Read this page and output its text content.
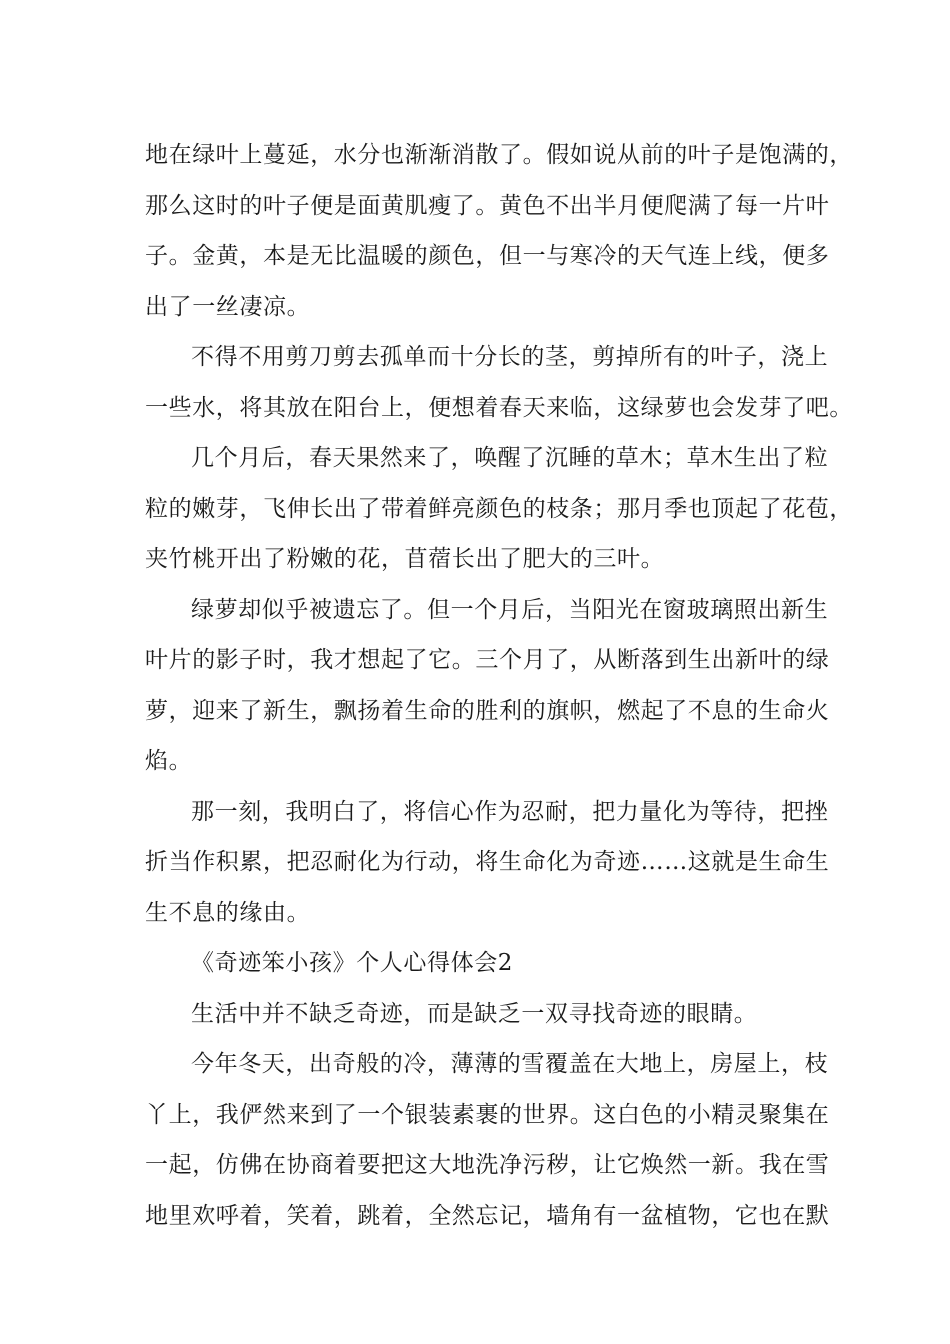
地在绿叶上蔓延，水分也渐渐消散了。假如说从前的叶子是饱满的，
那么这时的叶子便是面黄肌瘦了。黄色不出半月便爬满了每一片叶
子。金黄，本是无比温暖的颜色，但一与寒冷的天气连上线，便多
出了一丝凄凉。
不得不用剪刀剪去孤单而十分长的茎，剪掉所有的叶子，浇上
一些水，将其放在阳台上，便想着春天来临，这绿萝也会发芽了吧。
几个月后，春天果然来了，唤醒了沉睡的草木；草木生出了粒
粒的嫩芽，飞伸长出了带着鲜亮颜色的枝条；那月季也顶起了花苞，
夹竹桃开出了粉嫩的花，苜蓿长出了肥大的三叶。
绿萝却似乎被遗忘了。但一个月后，当阳光在窗玻璃照出新生
叶片的影子时，我才想起了它。三个月了，从断落到生出新叶的绿
萝，迎来了新生，飘扬着生命的胜利的旗帜，燃起了不息的生命火
焰。
那一刻，我明白了，将信心作为忍耐，把力量化为等待，把挫
折当作积累，把忍耐化为行动，将生命化为奇迹……这就是生命生
生不息的缘由。
《奇迹笨小孩》个人心得体会2
生活中并不缺乏奇迹，而是缺乏一双寻找奇迹的眼睛。
今年冬天，出奇般的冷，薄薄的雪覆盖在大地上，房屋上，枝
丫上，我俨然来到了一个银装素裹的世界。这白色的小精灵聚集在
一起，仿佛在协商着要把这大地洗净污秽，让它焕然一新。我在雪
地里欢呼着，笑着，跳着，全然忘记，墙角有一盆植物，它也在默
